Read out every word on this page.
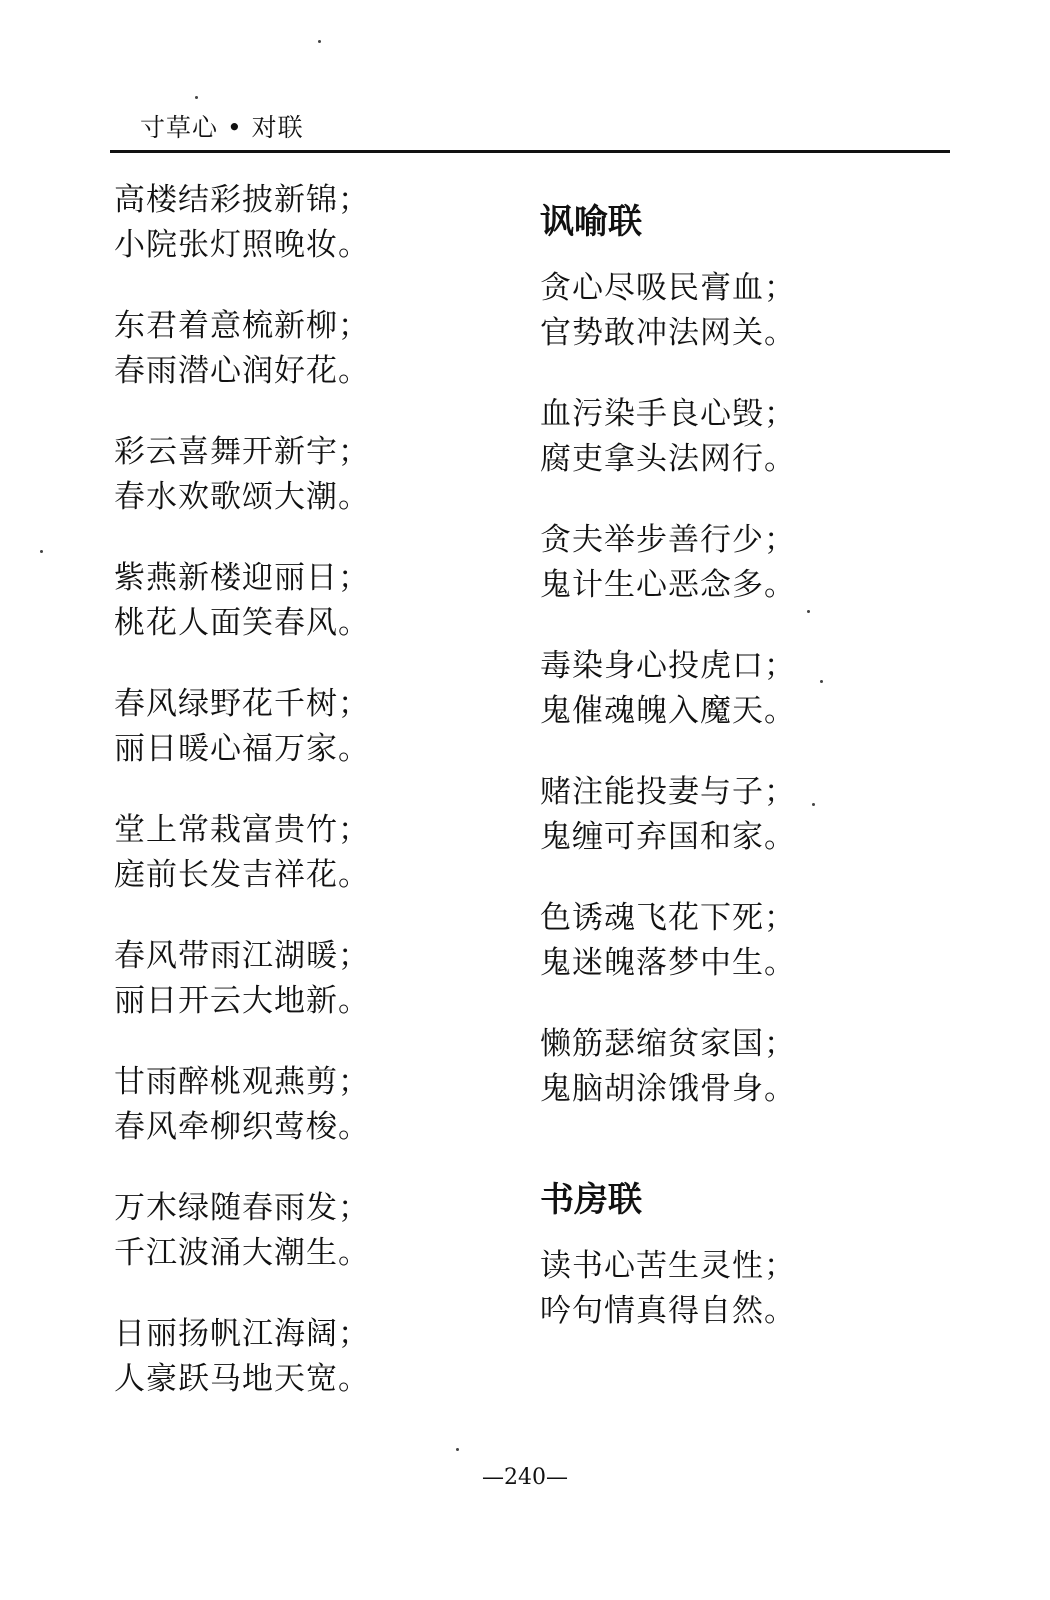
寸草心 • 对联
高楼结彩披新锦；
小院张灯照晚妆。
东君着意梳新柳；
春雨潜心润好花。
彩云喜舞开新宇；
春水欢歌颂大潮。
紫燕新楼迎丽日；
桃花人面笑春风。
春风绿野花千树；
丽日暖心福万家。
堂上常栽富贵竹；
庭前长发吉祥花。
春风带雨江湖暖；
丽日开云大地新。
甘雨醉桃观燕剪；
春风牵柳织莺梭。
万木绿随春雨发；
千江波涌大潮生。
日丽扬帆江海阔；
人豪跃马地天宽。
讽喻联
贪心尽吸民膏血；
官势敢冲法网关。
血污染手良心毁；
腐吏拿头法网行。
贪夫举步善行少；
鬼计生心恶念多。
毒染身心投虎口；
鬼催魂魄入魔天。
赌注能投妻与子；
鬼缠可弃国和家。
色诱魂飞花下死；
鬼迷魄落梦中生。
懒筋瑟缩贫家国；
鬼脑胡涂饿骨身。
书房联
读书心苦生灵性；
吟句情真得自然。
—240—
